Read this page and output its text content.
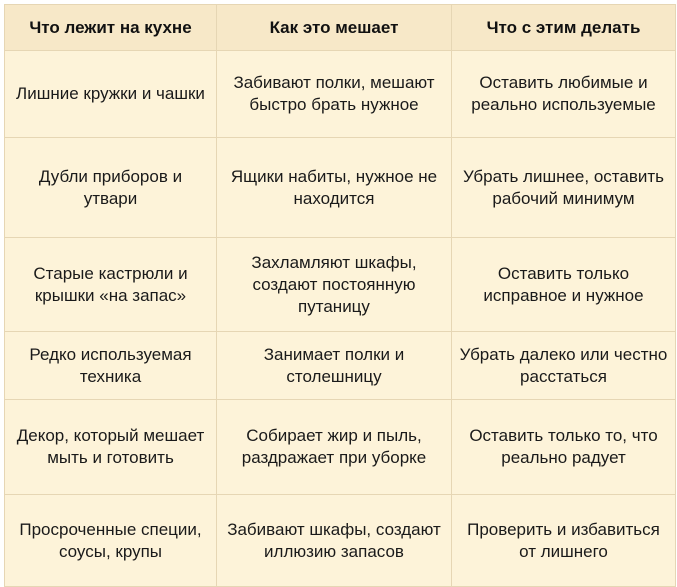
Что лежит на кухне	Как это мешает	Что с этим делать
Лишние кружки и чашки	Забивают полки, мешают быстро брать нужное	Оставить любимые и реально используемые
Дубли приборов и утвари	Ящики набиты, нужное не находится	Убрать лишнее, оставить рабочий минимум
Старые кастрюли и крышки «на запас»	Захламляют шкафы, создают постоянную путаницу	Оставить только исправное и нужное
Редко используемая техника	Занимает полки и столешницу	Убрать далеко или честно расстаться
Декор, который мешает мыть и готовить	Собирает жир и пыль, раздражает при уборке	Оставить только то, что реально радует
Просроченные специи, соусы, крупы	Забивают шкафы, создают иллюзию запасов	Проверить и избавиться от лишнего
